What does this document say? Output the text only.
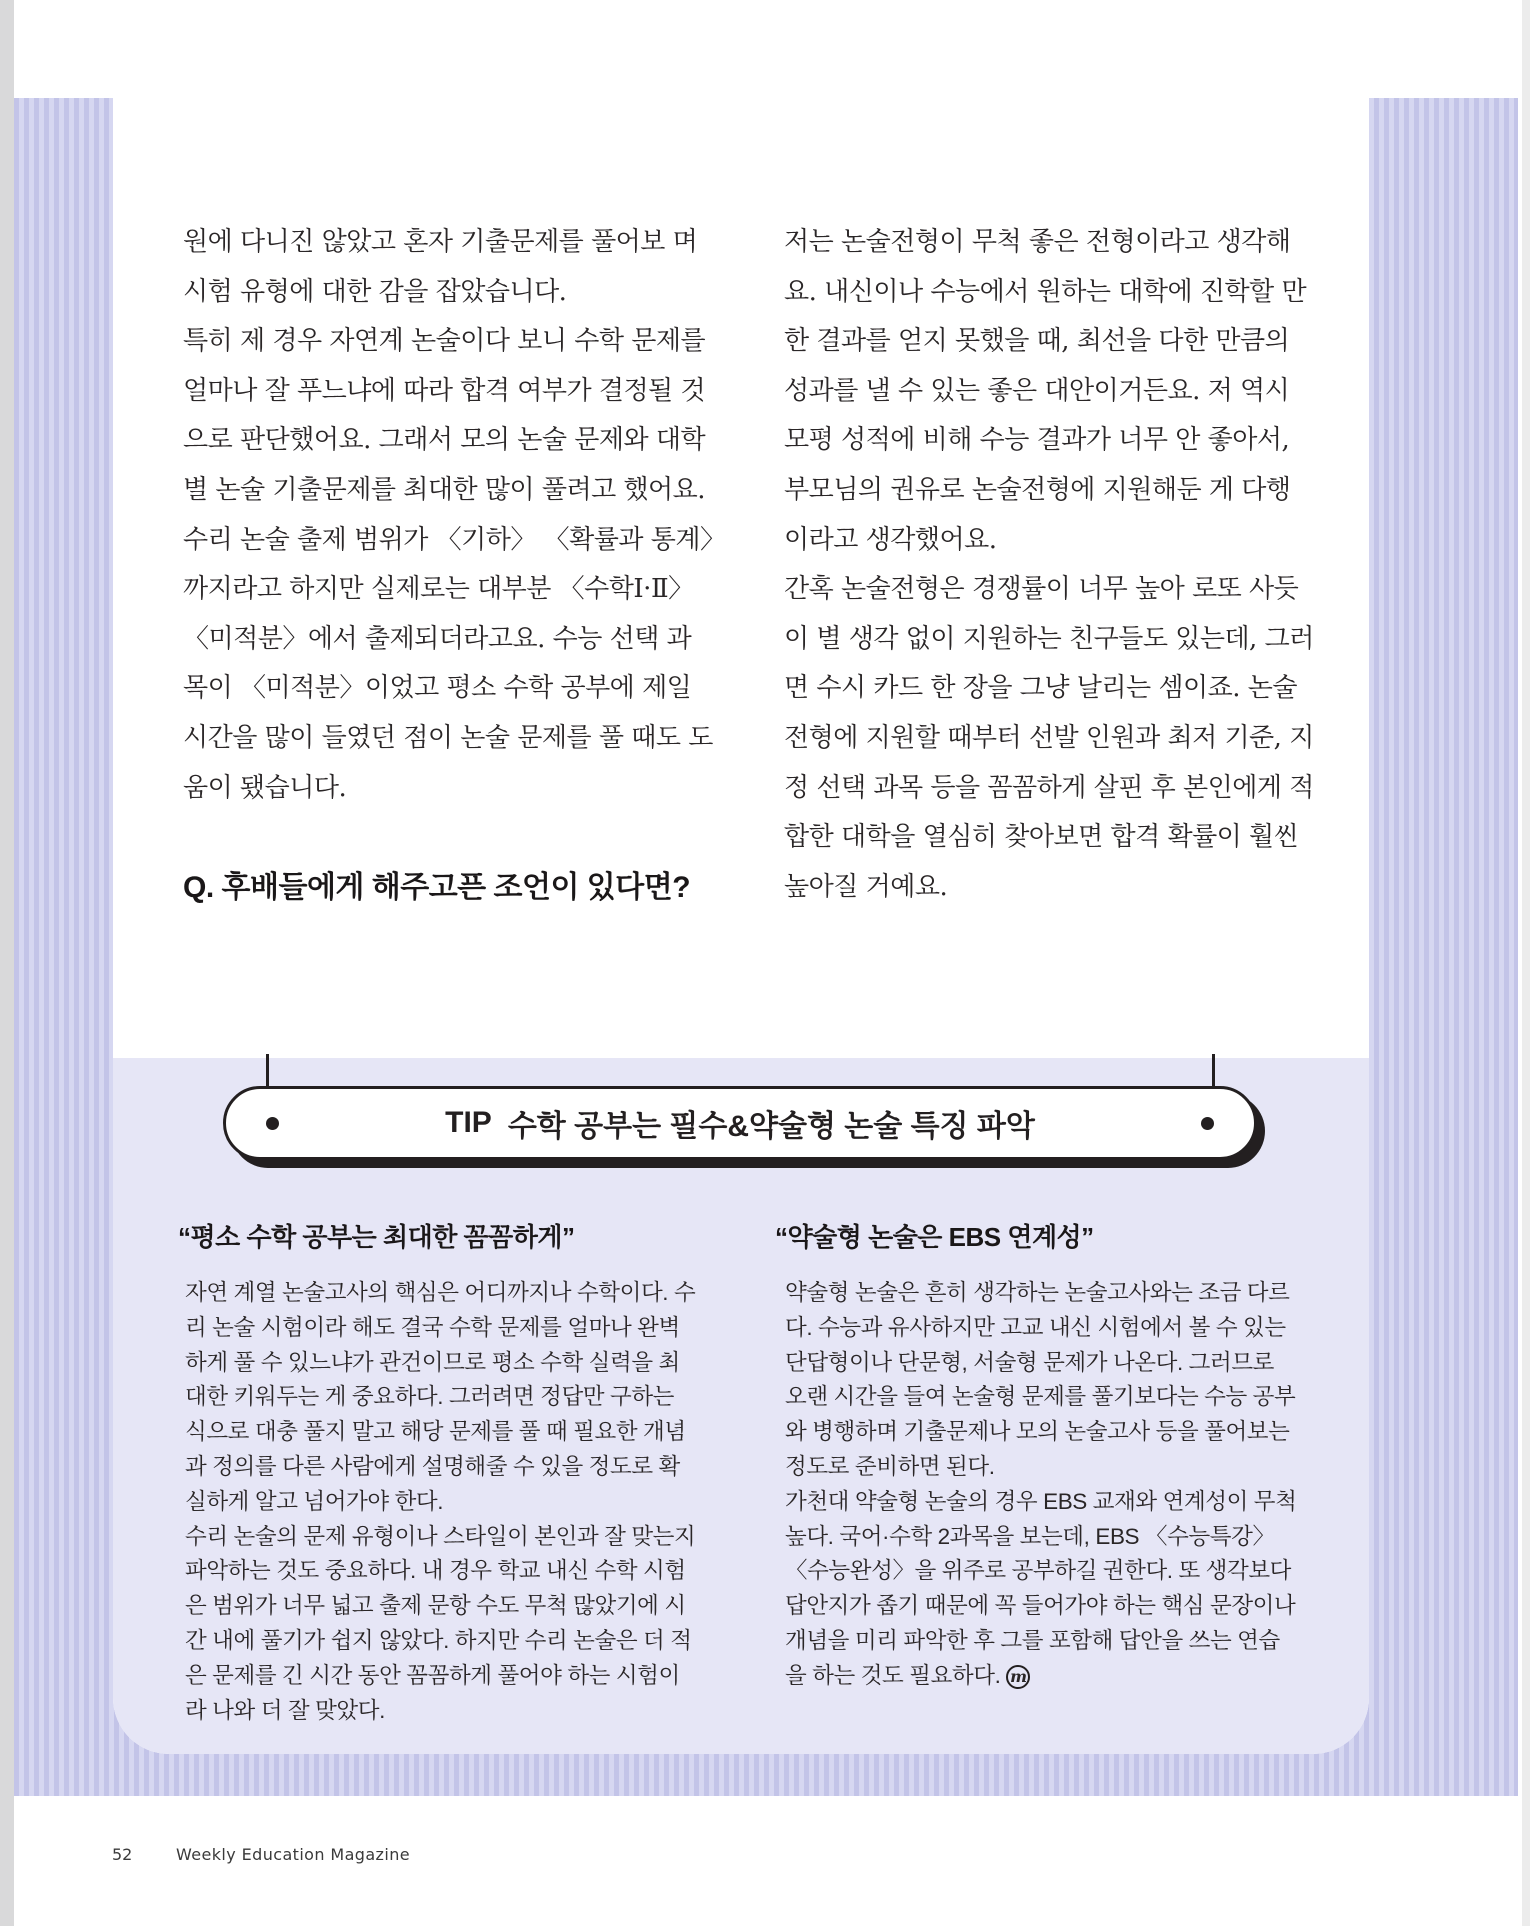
원에 다니진 않았고 혼자 기출문제를 풀어보 며 시험 유형에 대한 감을 잡았습니다.

특히 제 경우 자연계 논술이다 보니 수학 문제를 얼마나 잘 푸느냐에 따라 합격 여부가 결정될 것으로 판단했어요. 그래서 모의 논술 문제와 대학별 논술 기출문제를 최대한 많이 풀려고 했어요. 수리 논술 출제 범위가 〈기하〉 〈확률과 통계〉까지라고 하지만 실제로는 대부분 〈수학Ⅰ·Ⅱ〉 〈미적분〉에서 출제되더라고요. 수능 선택 과목이 〈미적분〉이었고 평소 수학 공부에 제일 시간을 많이 들였던 점이 논술 문제를 풀 때도 도움이 됐습니다.

Q. 후배들에게 해주고픈 조언이 있다면?

저는 논술전형이 무척 좋은 전형이라고 생각해요. 내신이나 수능에서 원하는 대학에 진학할 만한 결과를 얻지 못했을 때, 최선을 다한 만큼의 성과를 낼 수 있는 좋은 대안이거든요. 저 역시 모평 성적에 비해 수능 결과가 너무 안 좋아서, 부모님의 권유로 논술전형에 지원해둔 게 다행이라고 생각했어요.

간혹 논술전형은 경쟁률이 너무 높아 로또 사듯이 별 생각 없이 지원하는 친구들도 있는데, 그러면 수시 카드 한 장을 그냥 날리는 셈이죠. 논술전형에 지원할 때부터 선발 인원과 최저 기준, 지정 선택 과목 등을 꼼꼼하게 살핀 후 본인에게 적합한 대학을 열심히 찾아보면 합격 확률이 훨씬 높아질 거예요.

TIP 수학 공부는 필수&약술형 논술 특징 파악
“평소 수학 공부는 최대한 꼼꼼하게”

자연 계열 논술고사의 핵심은 어디까지나 수학이다. 수리 논술 시험이라 해도 결국 수학 문제를 얼마나 완벽하게 풀 수 있느냐가 관건이므로 평소 수학 실력을 최대한 키워두는 게 중요하다. 그러려면 정답만 구하는 식으로 대충 풀지 말고 해당 문제를 풀 때 필요한 개념과 정의를 다른 사람에게 설명해줄 수 있을 정도로 확실하게 알고 넘어가야 한다.

수리 논술의 문제 유형이나 스타일이 본인과 잘 맞는지 파악하는 것도 중요하다. 내 경우 학교 내신 수학 시험은 범위가 너무 넓고 출제 문항 수도 무척 많았기에 시간 내에 풀기가 쉽지 않았다. 하지만 수리 논술은 더 적은 문제를 긴 시간 동안 꼼꼼하게 풀어야 하는 시험이라 나와 더 잘 맞았다.

“약술형 논술은 EBS 연계성”

약술형 논술은 흔히 생각하는 논술고사와는 조금 다르다. 수능과 유사하지만 고교 내신 시험에서 볼 수 있는 단답형이나 단문형, 서술형 문제가 나온다. 그러므로 오랜 시간을 들여 논술형 문제를 풀기보다는 수능 공부와 병행하며 기출문제나 모의 논술고사 등을 풀어보는 정도로 준비하면 된다.

가천대 약술형 논술의 경우 EBS 교재와 연계성이 무척 높다. 국어·수학 2과목을 보는데, EBS 〈수능특강〉 〈수능완성〉을 위주로 공부하길 권한다. 또 생각보다 답안지가 좁기 때문에 꼭 들어가야 하는 핵심 문장이나 개념을 미리 파악한 후 그를 포함해 답안을 쓰는 연습을 하는 것도 필요하다. m

52	Weekly Education Magazine
